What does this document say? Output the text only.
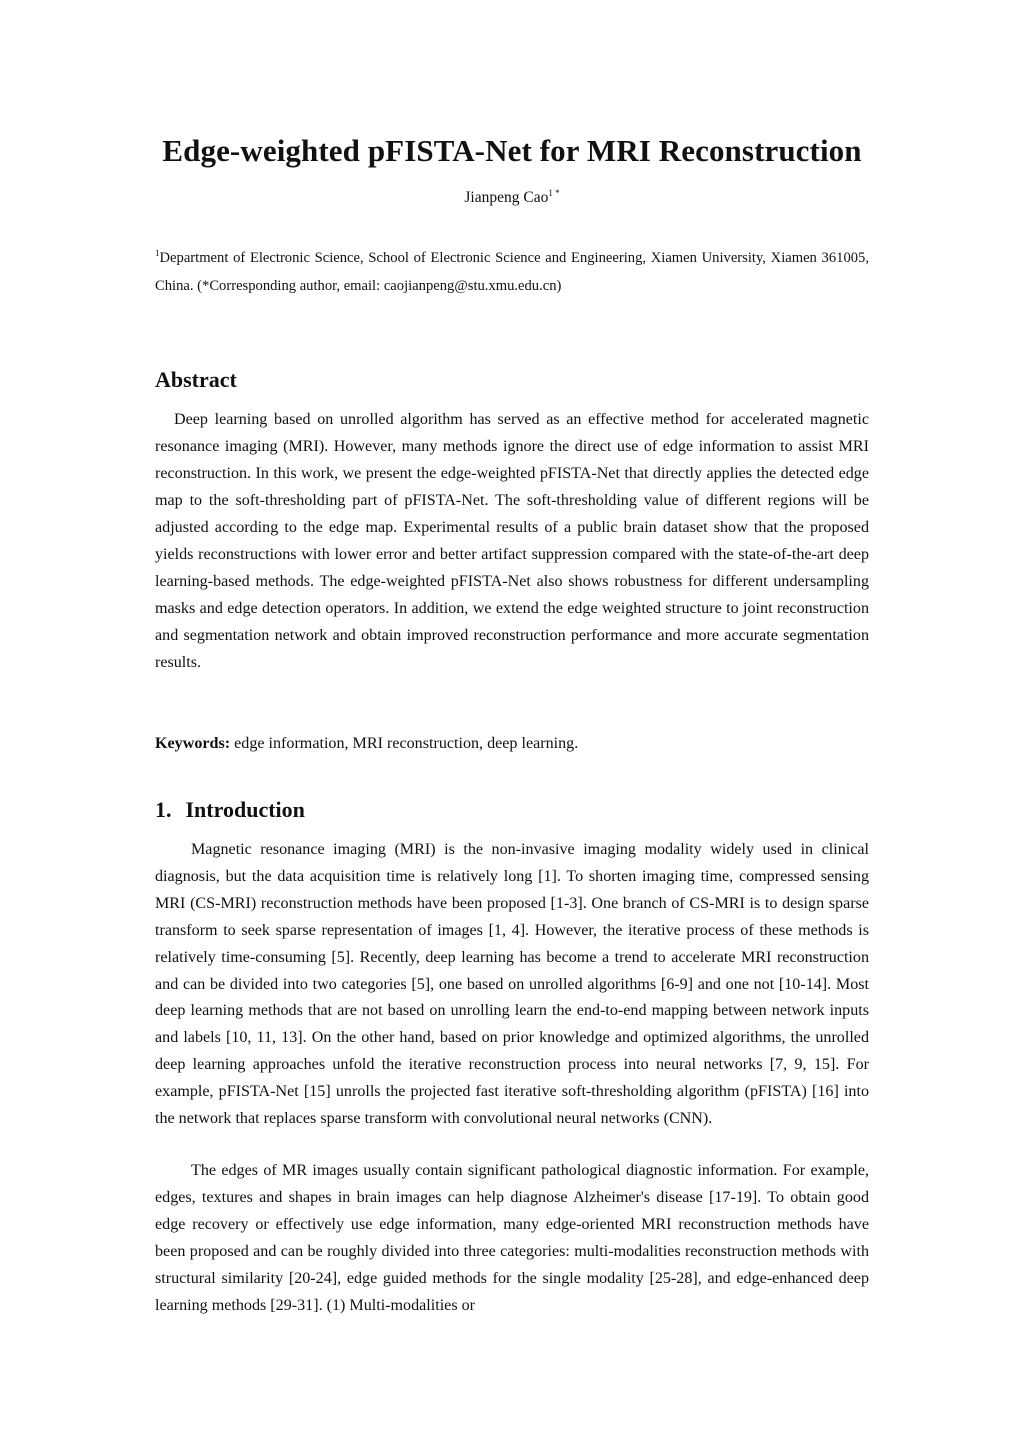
Edge-weighted pFISTA-Net for MRI Reconstruction
Jianpeng Cao$^{1 *}$
$^1$Department of Electronic Science, School of Electronic Science and Engineering, Xiamen University, Xiamen 361005, China. (*Corresponding author, email: caojianpeng@stu.xmu.edu.cn)
Abstract

Deep learning based on unrolled algorithm has served as an effective method for accelerated magnetic resonance imaging (MRI). However, many methods ignore the direct use of edge information to assist MRI reconstruction. In this work, we present the edge-weighted pFISTA-Net that directly applies the detected edge map to the soft-thresholding part of pFISTA-Net. The soft-thresholding value of different regions will be adjusted according to the edge map. Experimental results of a public brain dataset show that the proposed yields reconstructions with lower error and better artifact suppression compared with the state-of-the-art deep learning-based methods. The edge-weighted pFISTA-Net also shows robustness for different undersampling masks and edge detection operators. In addition, we extend the edge weighted structure to joint reconstruction and segmentation network and obtain improved reconstruction performance and more accurate segmentation results.

Keywords: edge information, MRI reconstruction, deep learning.
1. Introduction

Magnetic resonance imaging (MRI) is the non-invasive imaging modality widely used in clinical diagnosis, but the data acquisition time is relatively long [1]. To shorten imaging time, compressed sensing MRI (CS-MRI) reconstruction methods have been proposed [1-3]. One branch of CS-MRI is to design sparse transform to seek sparse representation of images [1, 4]. However, the iterative process of these methods is relatively time-consuming [5]. Recently, deep learning has become a trend to accelerate MRI reconstruction and can be divided into two categories [5], one based on unrolled algorithms [6-9] and one not [10-14]. Most deep learning methods that are not based on unrolling learn the end-to-end mapping between network inputs and labels [10, 11, 13]. On the other hand, based on prior knowledge and optimized algorithms, the unrolled deep learning approaches unfold the iterative reconstruction process into neural networks [7, 9, 15]. For example, pFISTA-Net [15] unrolls the projected fast iterative soft-thresholding algorithm (pFISTA) [16] into the network that replaces sparse transform with convolutional neural networks (CNN).

The edges of MR images usually contain significant pathological diagnostic information. For example, edges, textures and shapes in brain images can help diagnose Alzheimer's disease [17-19]. To obtain good edge recovery or effectively use edge information, many edge-oriented MRI reconstruction methods have been proposed and can be roughly divided into three categories: multi-modalities reconstruction methods with structural similarity [20-24], edge guided methods for the single modality [25-28], and edge-enhanced deep learning methods [29-31]. (1) Multi-modalities or
